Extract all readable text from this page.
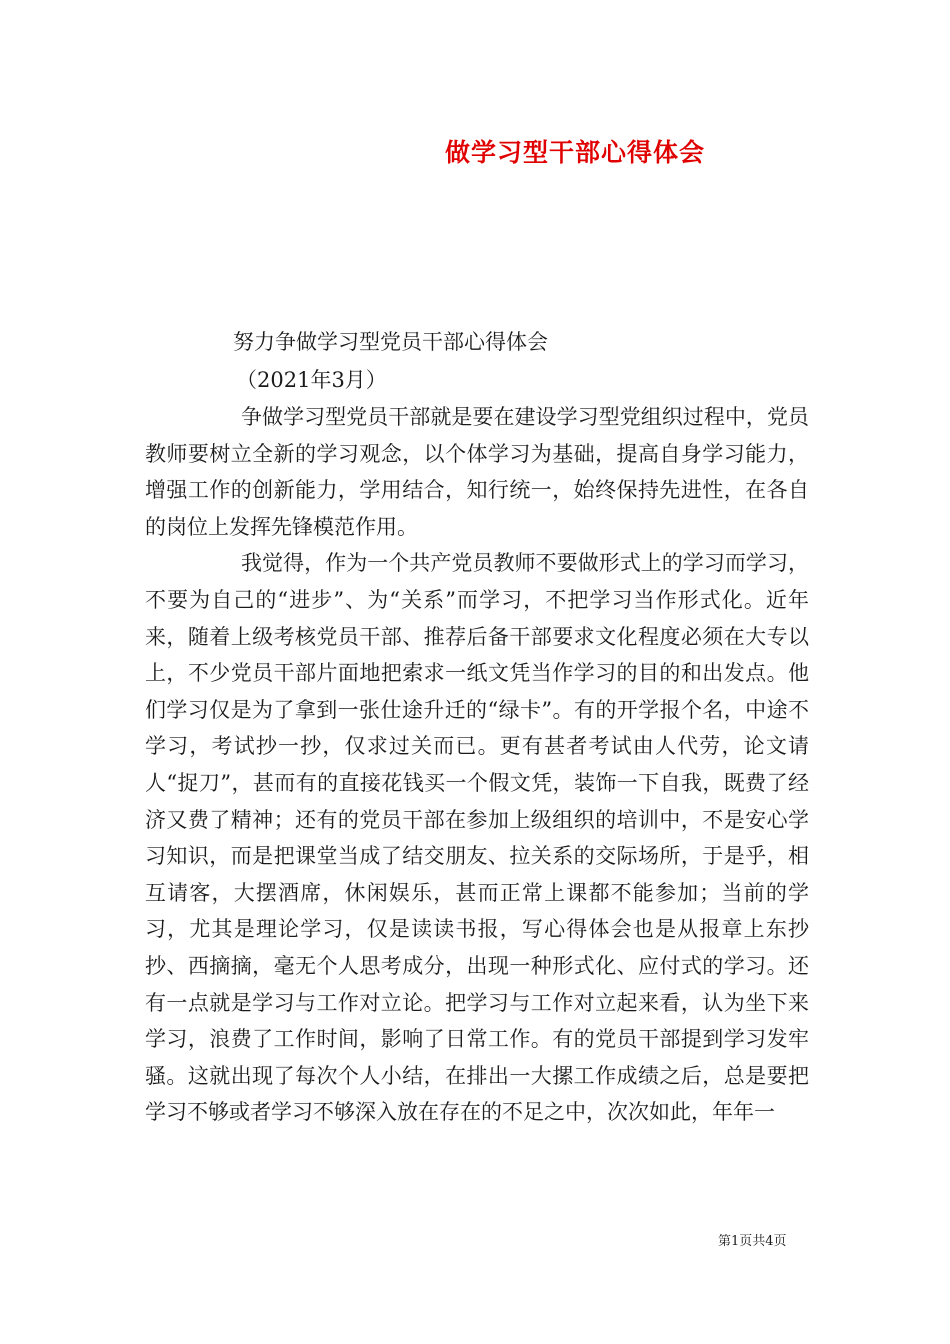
做学习型干部心得体会

努力争做学习型党员干部心得体会

（2021年3月）

争做学习型党员干部就是要在建设学习型党组织过程中，党员教师要树立全新的学习观念，以个体学习为基础，提高自身学习能力，增强工作的创新能力，学用结合，知行统一，始终保持先进性，在各自的岗位上发挥先锋模范作用。

我觉得，作为一个共产党员教师不要做形式上的学习而学习，不要为自己的“进步”、为“关系”而学习，不把学习当作形式化。近年来，随着上级考核党员干部、推荐后备干部要求文化程度必须在大专以上，不少党员干部片面地把索求一纸文凭当作学习的目的和出发点。他们学习仅是为了拿到一张仕途升迁的“绿卡”。有的开学报个名，中途不学习，考试抄一抄，仅求过关而已。更有甚者考试由人代劳，论文请人“捉刀”，甚而有的直接花钱买一个假文凭，装饰一下自我，既费了经济又费了精神；还有的党员干部在参加上级组织的培训中，不是安心学习知识，而是把课堂当成了结交朋友、拉关系的交际场所，于是乎，相互请客，大摆酒席，休闲娱乐，甚而正常上课都不能参加；当前的学习，尤其是理论学习，仅是读读书报，写心得体会也是从报章上东抄抄、西摘摘，毫无个人思考成分，出现一种形式化、应付式的学习。还有一点就是学习与工作对立论。把学习与工作对立起来看，认为坐下来学习，浪费了工作时间，影响了日常工作。有的党员干部提到学习发牢骚。这就出现了每次个人小结，在排出一大摞工作成绩之后，总是要把学习不够或者学习不够深入放在存在的不足之中，次次如此，年年一

第1页共4页
